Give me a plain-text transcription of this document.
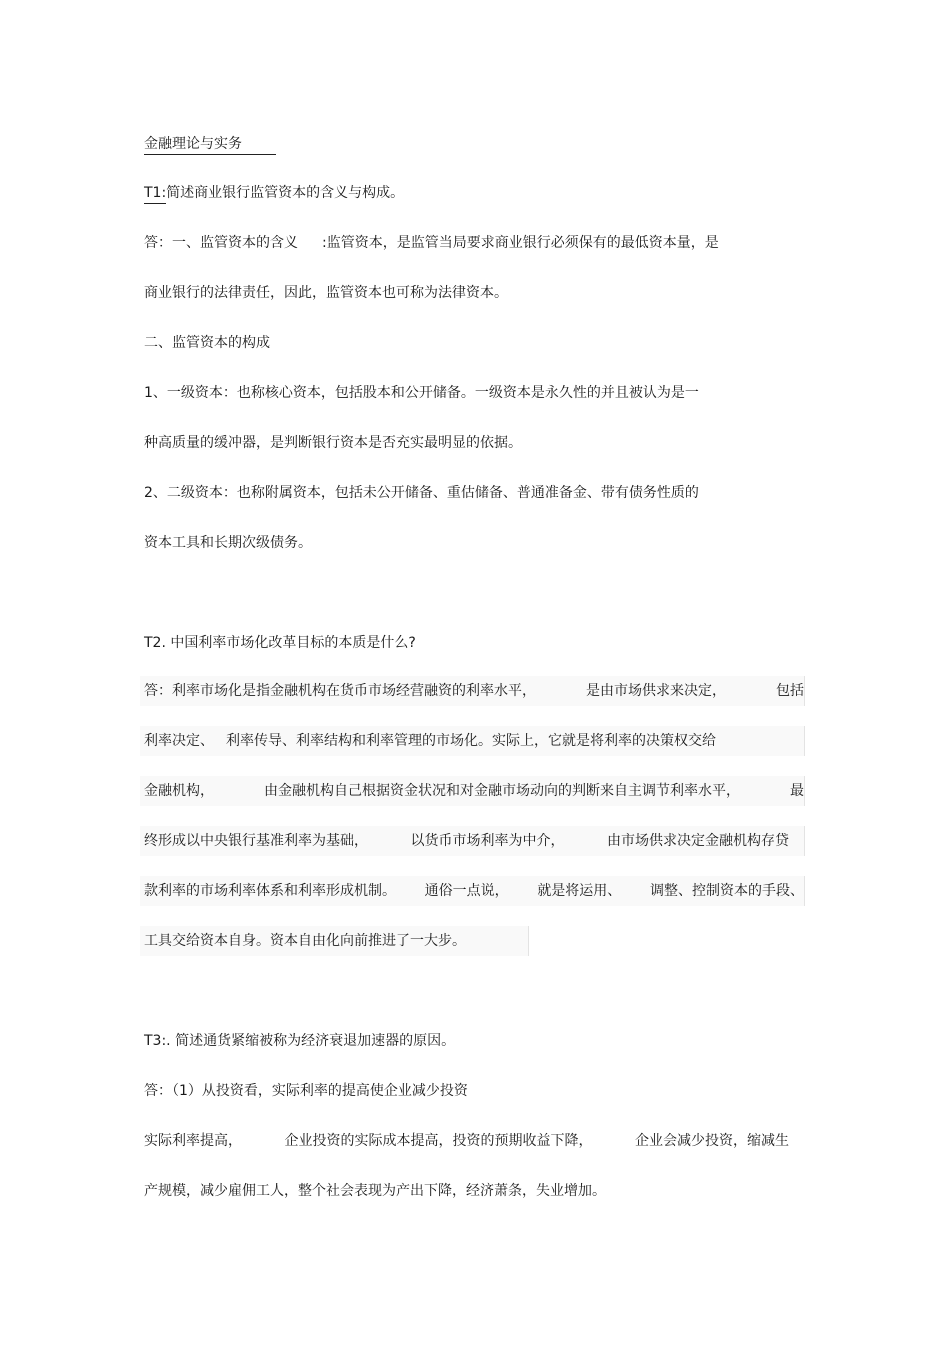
金融理论与实务
T1:简述商业银行监管资本的含义与构成。
答：一、监管资本的含义 :监管资本，是监管当局要求商业银行必须保有的最低资本量，是
商业银行的法律责任，因此，监管资本也可称为法律资本。
二、监管资本的构成
1、一级资本：也称核心资本，包括股本和公开储备。一级资本是永久性的并且被认为是一
种高质量的缓冲器，是判断银行资本是否充实最明显的依据。
2、二级资本：也称附属资本，包括未公开储备、重估储备、普通准备金、带有债务性质的
资本工具和长期次级债务。
T2. 中国利率市场化改革目标的本质是什么?
答：利率市场化是指金融机构在货币市场经营融资的利率水平，	是由市场供求来决定，	包括
利率决定、 利率传导、利率结构和利率管理的市场化。实际上，它就是将利率的决策权交给
金融机构，	由金融机构自己根据资金状况和对金融市场动向的判断来自主调节利率水平，	最
终形成以中央银行基准利率为基础，	以货币市场利率为中介，	由市场供求决定金融机构存贷
款利率的市场利率体系和利率形成机制。 通俗一点说， 就是将运用、 调整、控制资本的手段、
工具交给资本自身。资本自由化向前推进了一大步。
T3:. 简述通货紧缩被称为经济衰退加速器的原因。
答：（1）从投资看，实际利率的提高使企业减少投资
实际利率提高，	企业投资的实际成本提高，投资的预期收益下降，	企业会减少投资，缩减生
产规模，减少雇佣工人，整个社会表现为产出下降，经济萧条，失业增加。
